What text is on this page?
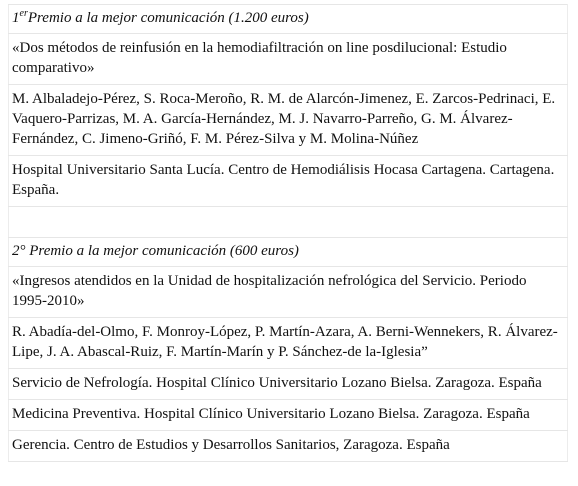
1erPremio a la mejor comunicación (1.200 euros)
«Dos métodos de reinfusión en la hemodiafiltración on line posdilucional: Estudio comparativo»
M. Albaladejo-Pérez, S. Roca-Meroño, R. M. de Alarcón-Jimenez, E. Zarcos-Pedrinaci, E. Vaquero-Parrizas, M. A. García-Hernández, M. J. Navarro-Parreño, G. M. Álvarez-Fernández, C. Jimeno-Griñó, F. M. Pérez-Silva y M. Molina-Núñez
Hospital Universitario Santa Lucía. Centro de Hemodiálisis Hocasa Cartagena. Cartagena. España.

2° Premio a la mejor comunicación (600 euros)
«Ingresos atendidos en la Unidad de hospitalización nefrológica del Servicio. Periodo 1995-2010»
R. Abadía-del-Olmo, F. Monroy-López, P. Martín-Azara, A. Berni-Wennekers, R. Álvarez-Lipe, J. A. Abascal-Ruiz, F. Martín-Marín y P. Sánchez-de la-Iglesia”
Servicio de Nefrología. Hospital Clínico Universitario Lozano Bielsa. Zaragoza. España
Medicina Preventiva. Hospital Clínico Universitario Lozano Bielsa. Zaragoza. España
Gerencia. Centro de Estudios y Desarrollos Sanitarios, Zaragoza. España
